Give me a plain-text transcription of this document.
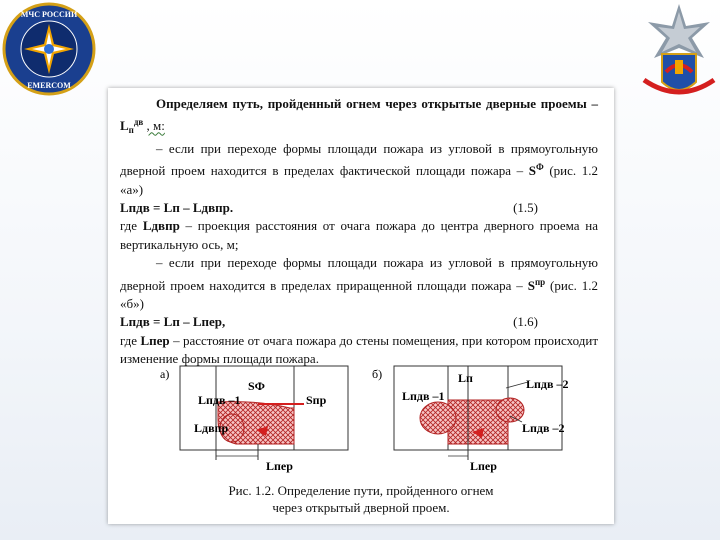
МЧС РОССИИ
EMERCOM

Определяем путь, пройденный огнем через открытые дверные проемы – $L_п^{дв}$ , м:

– если при переходе формы площади пожара из угловой в прямоугольную дверной проем находится в пределах фактической площади пожара – $S^Ф$ (рис. 1.2 «а»)

Lпдв = Lп – Lдвпр.	(1.5)

где Lдвпр – проекция расстояния от очага пожара до центра дверного проема на вертикальную ось, м;

– если при переходе формы площади пожара из угловой в прямоугольную дверной проем находится в пределах приращенной площади пожара – $S^{пр}$ (рис. 1.2 «б»)

Lпдв = Lп – Lпер,	(1.6)

где Lпер – расстояние от очага пожара до стены помещения, при котором происходит изменение формы площади пожара.

а)
Lпдв –1
SФ
Sпр
Lдвпр
Lпер
б)
Lпдв –1
Lп	Lпдв –2
Lпдв –2
Lпер
Рис. 1.2. Определение пути, пройденного огнем
через открытый дверной проем.
